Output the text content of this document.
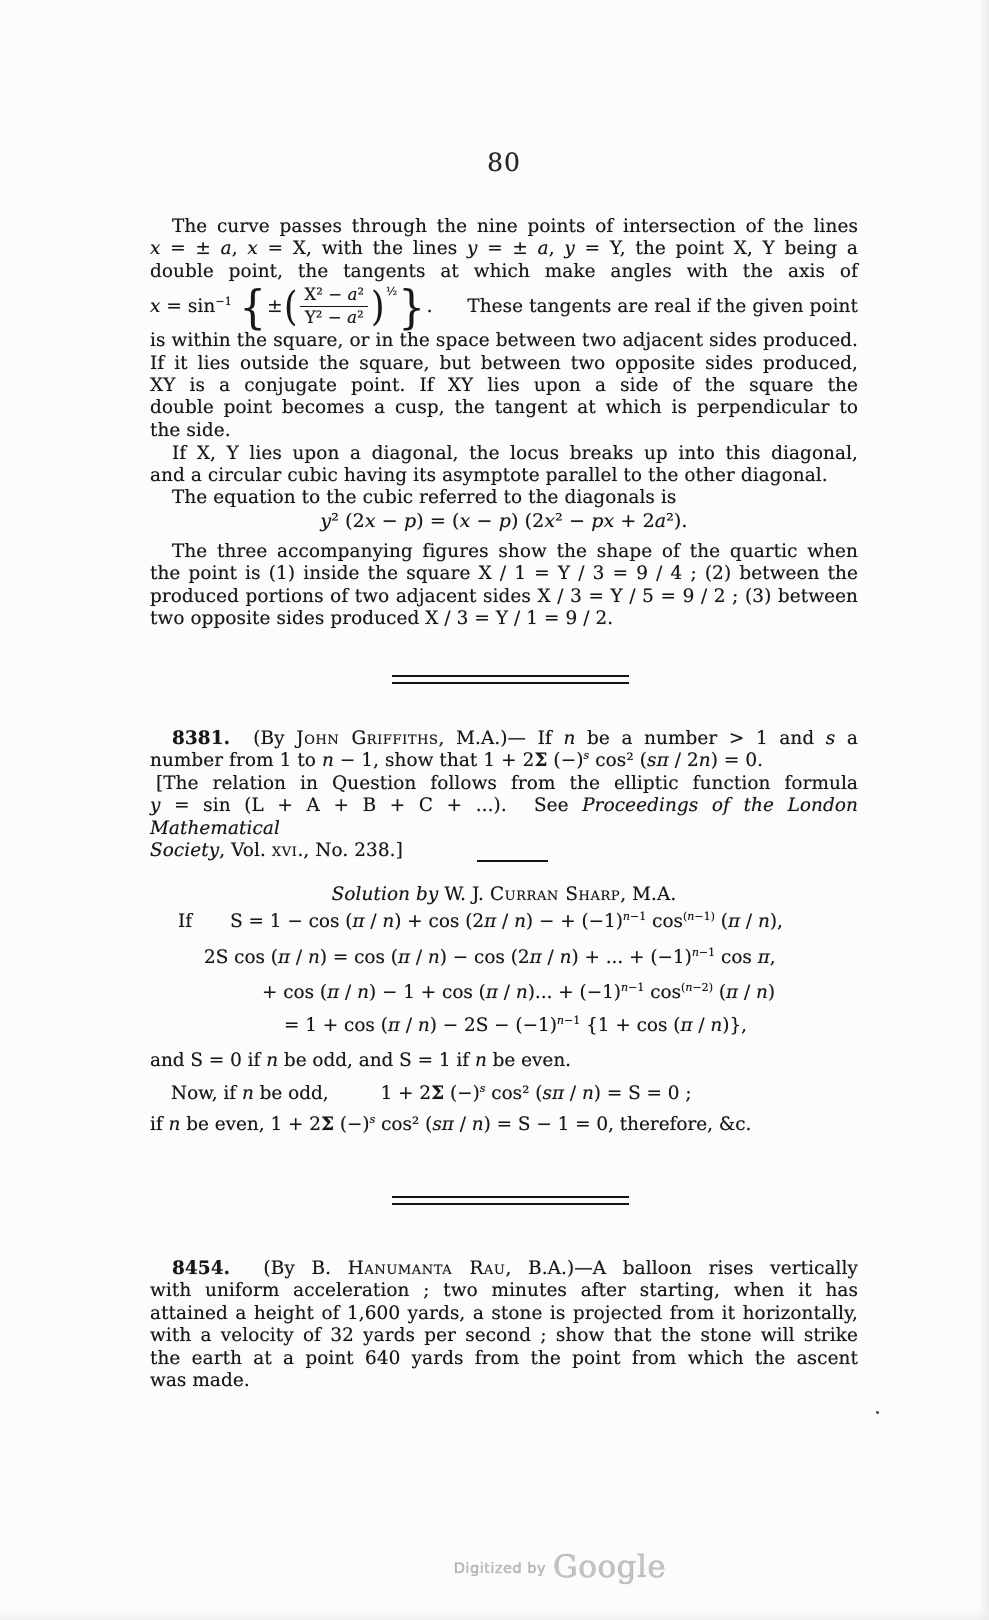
80
The curve passes through the nine points of intersection of the lines
x = ± a, x = X, with the lines y = ± a, y = Y, the point X, Y being a
double point, the tangents at which make angles with the axis of
$x = \sin^{-1}$ {±( $\frac{\text{X² − a²}}{\text{Y² − a²}} )^{\frac{1}{2}}$}. These tangents are real if the given point
is within the square, or in the space between two adjacent sides produced.
If it lies outside the square, but between two opposite sides produced,
XY is a conjugate point. If XY lies upon a side of the square the
double point becomes a cusp, the tangent at which is perpendicular to
the side.
If X, Y lies upon a diagonal, the locus breaks up into this diagonal,
and a circular cubic having its asymptote parallel to the other diagonal.
The equation to the cubic referred to the diagonals is
y² (2x − p) = (x − p) (2x² − px + 2a²).
The three accompanying figures show the shape of the quartic when
the point is (1) inside the square X / 1 = Y / 3 = 9 / 4 ; (2) between the
produced portions of two adjacent sides X / 3 = Y / 5 = 9 / 2 ; (3) between
two opposite sides produced X / 3 = Y / 1 = 9 / 2.
8381.  (By John Griffiths, M.A.)— If n be a number > 1 and s a
number from 1 to n − 1, show that 1 + 2Σ $(-)^s$ cos² (sπ / 2n) = 0.
[The relation in Question follows from the elliptic function formula
y = sin (L + A + B + C + ...).  See Proceedings of the London Mathematical
Society, Vol. xvi., No. 238.]
Solution by W. J. Curran Sharp, M.A.
If S = 1 − cos (π / n) + cos (2π / n) − + $(-1)^{n-1}$ $\cos^{(n-1)} (\pi / n)$,
2S cos (π / n) = cos (π / n) − cos (2π / n) + ... + $(-1)^{n-1}$ cos π,
+ cos (π / n) − 1 + cos (π / n)... + $(-1)^{n-1}$ $\cos^{(n-2)} (\pi / n)$
= $1 + \cos (\pi / n) - 2S - (-1)^{n-1}$ {1 + cos (π / n)},
and S = 0 if n be odd, and S = 1 if n be even.
Now, if n be odd,	1 + 2Σ $(-)^s$ cos² (sπ / n) = S = 0 ;
if n be even, 1 + 2Σ $(-)^s$ cos² (sπ / n) = S − 1 = 0, therefore, &c.
8454.  (By B. Hanumanta Rau, B.A.)—A balloon rises vertically
with uniform acceleration ; two minutes after starting, when it has
attained a height of 1,600 yards, a stone is projected from it horizontally,
with a velocity of 32 yards per second ; show that the stone will strike
the earth at a point 640 yards from the point from which the ascent
was made.
Digitized by Google
